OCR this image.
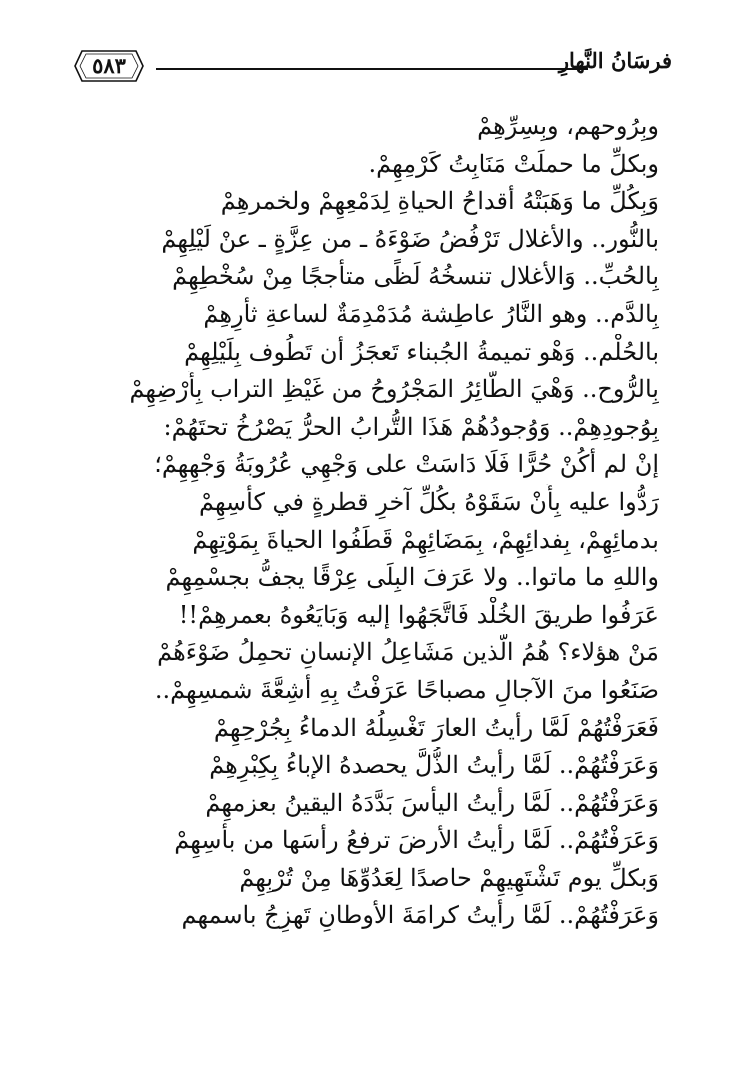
٥٨٣	فرسَانُ النَّهارِ
وبِرُوحهم، وبِسِرِّهِمْ
وبكلِّ ما حملَتْ مَنَابِتُ كَرْمِهِمْ.
وَبِكُلِّ ما وَهَبَتْهُ أقداحُ الحياةِ لِدَمْعِهِمْ ولخمرهِمْ
بالنُّور.. والأغلال تَرْفُضُ ضَوْءَهُ ـ من عِزَّةٍ ـ عنْ لَيْلِهِمْ
بِالحُبِّ.. وَالأغلال تنسخُهُ لَظًى متأججًا مِنْ سُخْطِهِمْ
بِالدَّم.. وهو النَّارُ عاطِشة مُدَمْدِمَةٌ لساعةِ ثأْرِهِمْ
بالحُلْم.. وَهْو تميمةُ الجُبناء تَعجَزُ أن تَطُوف بِلَيْلِهِمْ
بِالرُّوح.. وَهْيَ الطَّائِرُ المَجْرُوحُ من غَيْظِ التراب بِأَرْضِهِمْ
بِوُجودِهِمْ.. وَوُجودُهُمْ هَذَا التُّرابُ الحرُّ يَصْرُخُ تحتَهُمْ:
إنْ لم أكُنْ حُرًّا فَلَا دَاسَتْ على وَجْهِي عُرُوبَةُ وَجْهِهِمْ؛
رَدُّوا عليه بِأَنْ سَقَوْهُ بكُلِّ آخرِ قطرةٍ في كأسِهِمْ
بدمائِهِمْ، بِفدائِهِمْ، بِمَضَائِهِمْ قَطَفُوا الحياةَ بِمَوْتِهِمْ
واللهِ ما ماتوا.. ولا عَرَفَ البِلَى عِرْقًا يجفُّ بجسْمِهِمْ
عَرَفُوا طريقَ الخُلْد فَاتَّجَهُوا إليه وَبَايَعُوهُ بعمرهِمْ!!
مَنْ هؤلاء؟ هُمُ الَّذين مَشَاعِلُ الإنسانِ تحمِلُ ضَوْءَهُمْ
صَنَعُوا منَ الآجالِ مصباحًا عَرَفْتُ بِهِ أشِعَّةَ شمسِهِمْ..
فَعَرَفْتُهُمْ لَمَّا رأيتُ العارَ تَغْسِلُهُ الدماءُ بِجُرْحِهِمْ
وَعَرَفْتُهُمْ.. لَمَّا رأيتُ الذُّلَّ يحصدهُ الإباءُ بِكِبْرِهِمْ
وَعَرَفْتُهُمْ.. لَمَّا رأيتُ اليأسَ بَدَّدَهُ اليقينُ بعزمهِمْ
وَعَرَفْتُهُمْ.. لَمَّا رأيتُ الأرضَ ترفعُ رأسَها من بأسِهِمْ
وَبكلِّ يوم تَشْتَهِيهِمْ حاصدًا لِعَدُوِّهَا مِنْ تُرْبِهِمْ
وَعَرَفْتُهُمْ.. لَمَّا رأيتُ كرامَةَ الأوطانِ تَهزِجُ باسمهم
